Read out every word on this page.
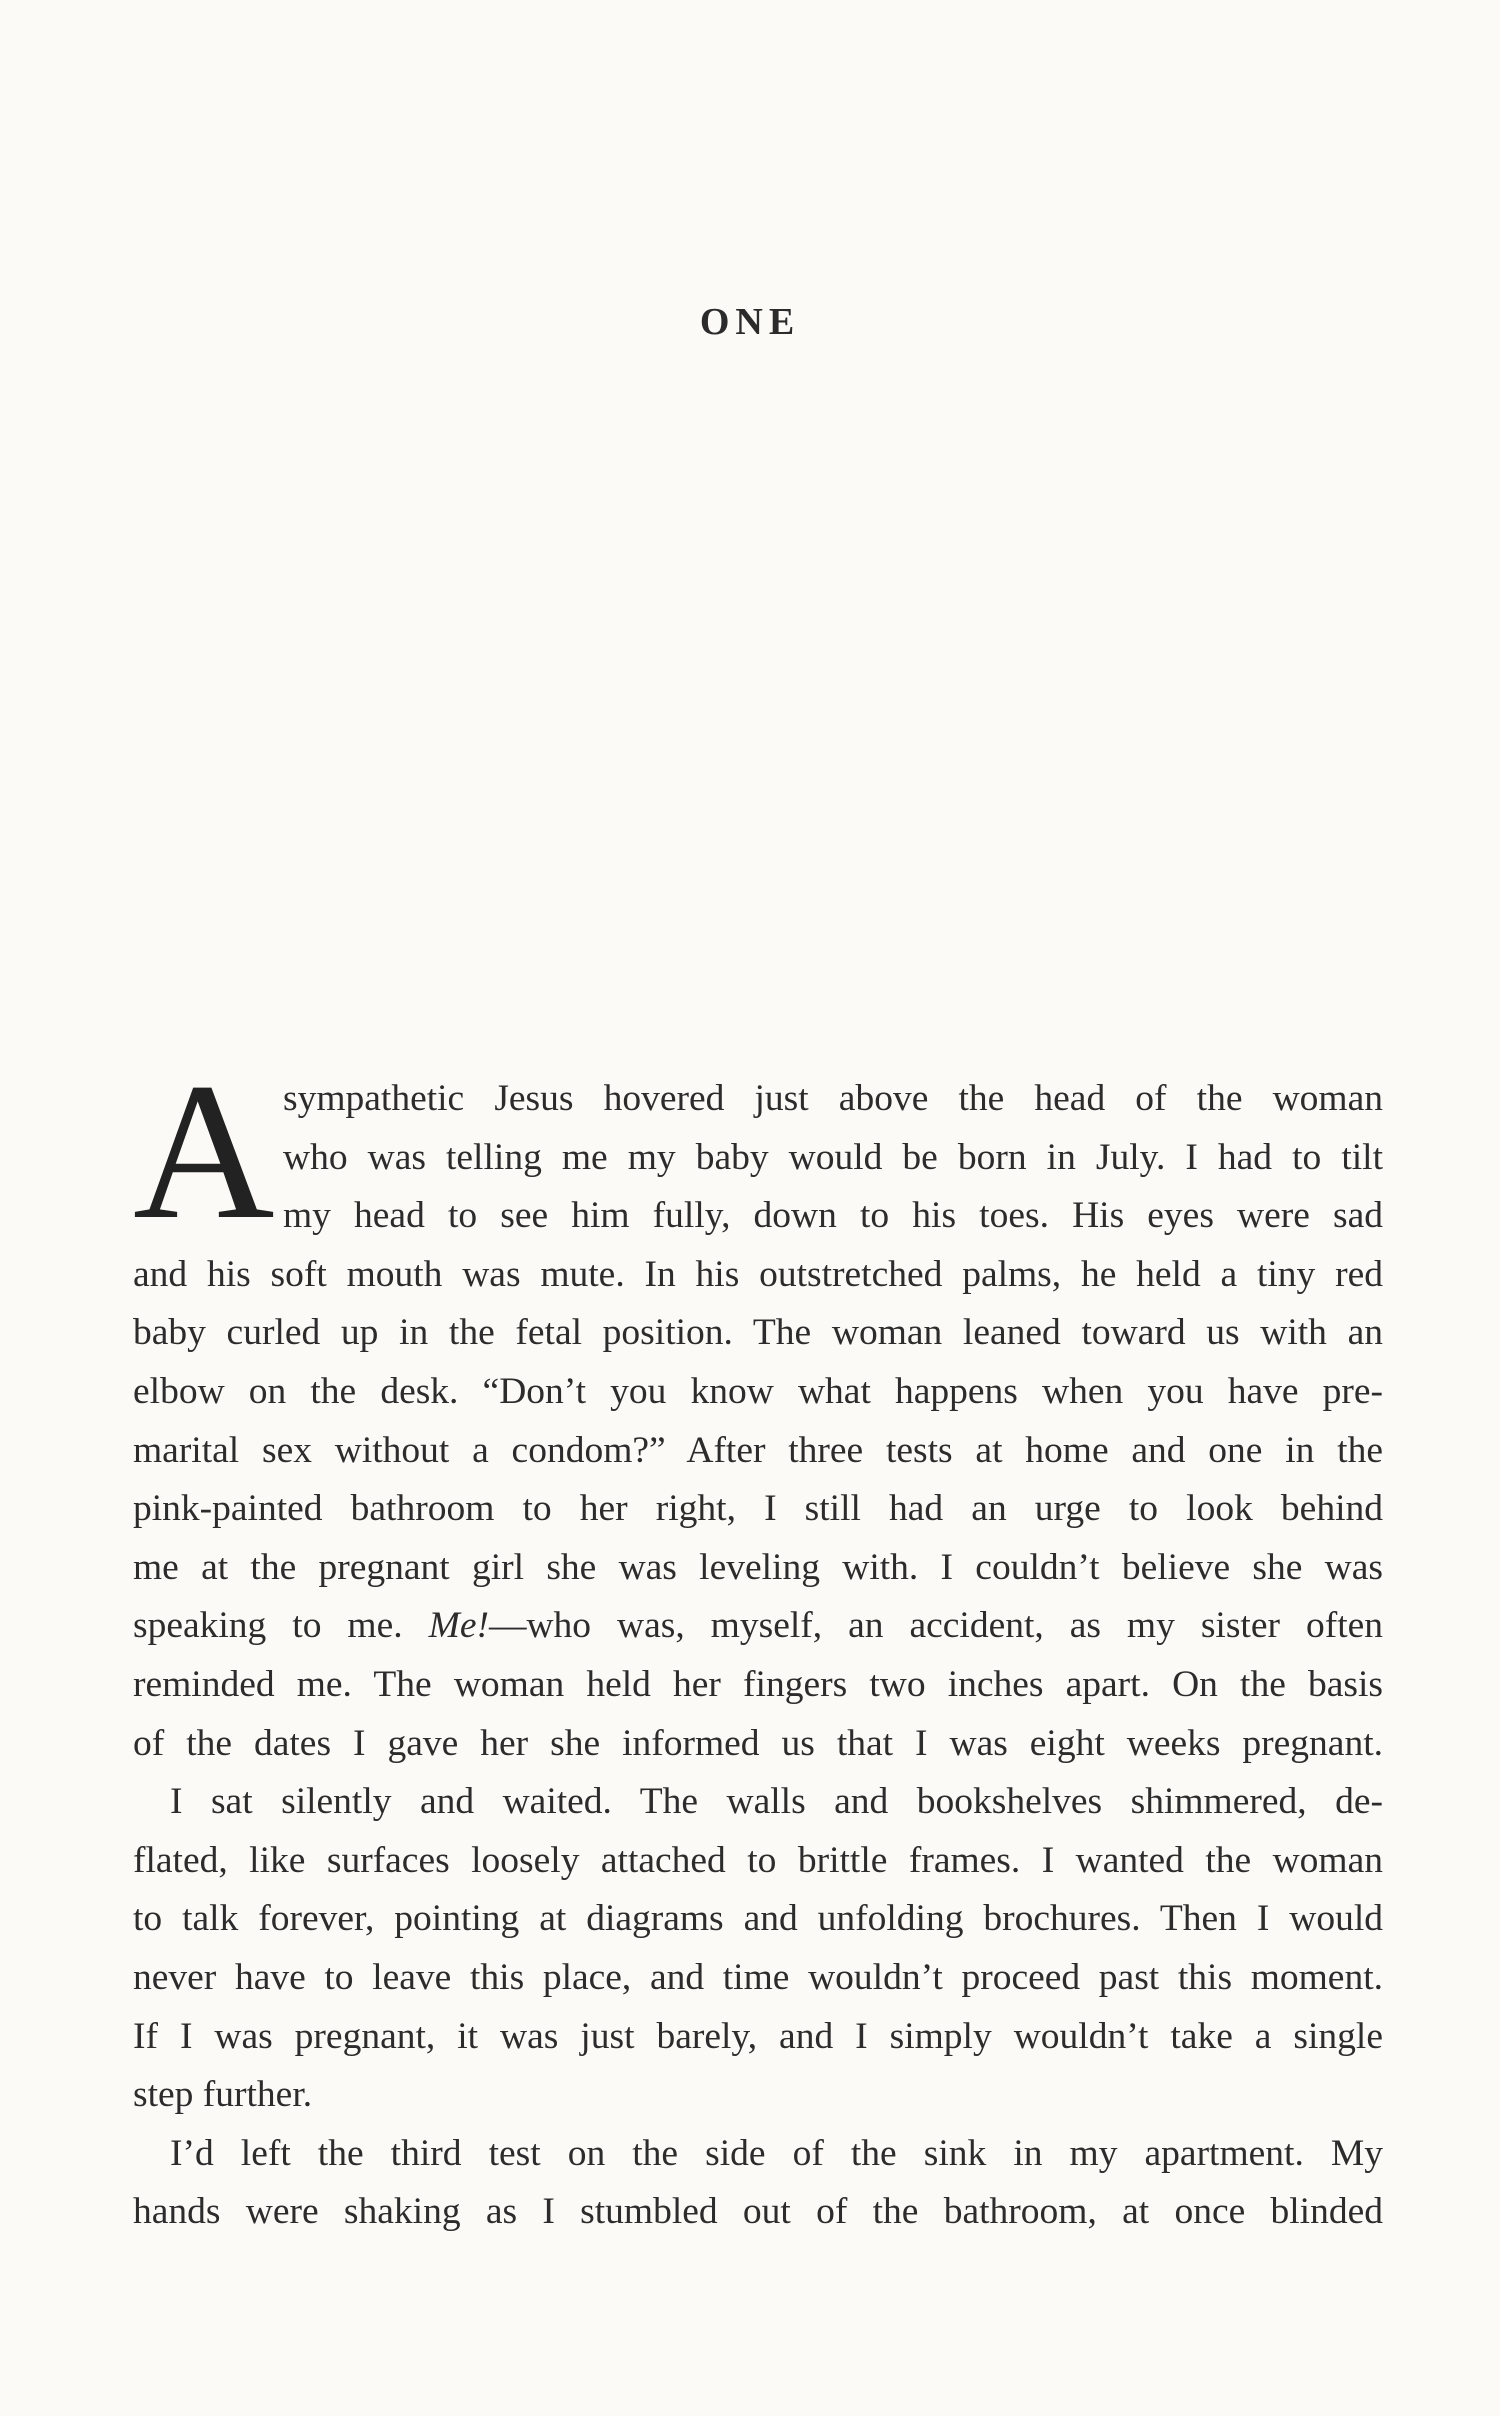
ONE
A sympathetic Jesus hovered just above the head of the woman
who was telling me my baby would be born in July. I had to tilt
my head to see him fully, down to his toes. His eyes were sad
and his soft mouth was mute. In his outstretched palms, he held a tiny red
baby curled up in the fetal position. The woman leaned toward us with an
elbow on the desk. “Don’t you know what happens when you have pre-
marital sex without a condom?” After three tests at home and one in the
pink-painted bathroom to her right, I still had an urge to look behind
me at the pregnant girl she was leveling with. I couldn’t believe she was
speaking to me. Me!—who was, myself, an accident, as my sister often
reminded me. The woman held her fingers two inches apart. On the basis
of the dates I gave her she informed us that I was eight weeks pregnant.
I sat silently and waited. The walls and bookshelves shimmered, de-
flated, like surfaces loosely attached to brittle frames. I wanted the woman
to talk forever, pointing at diagrams and unfolding brochures. Then I would
never have to leave this place, and time wouldn’t proceed past this moment.
If I was pregnant, it was just barely, and I simply wouldn’t take a single
step further.
I’d left the third test on the side of the sink in my apartment. My
hands were shaking as I stumbled out of the bathroom, at once blinded
